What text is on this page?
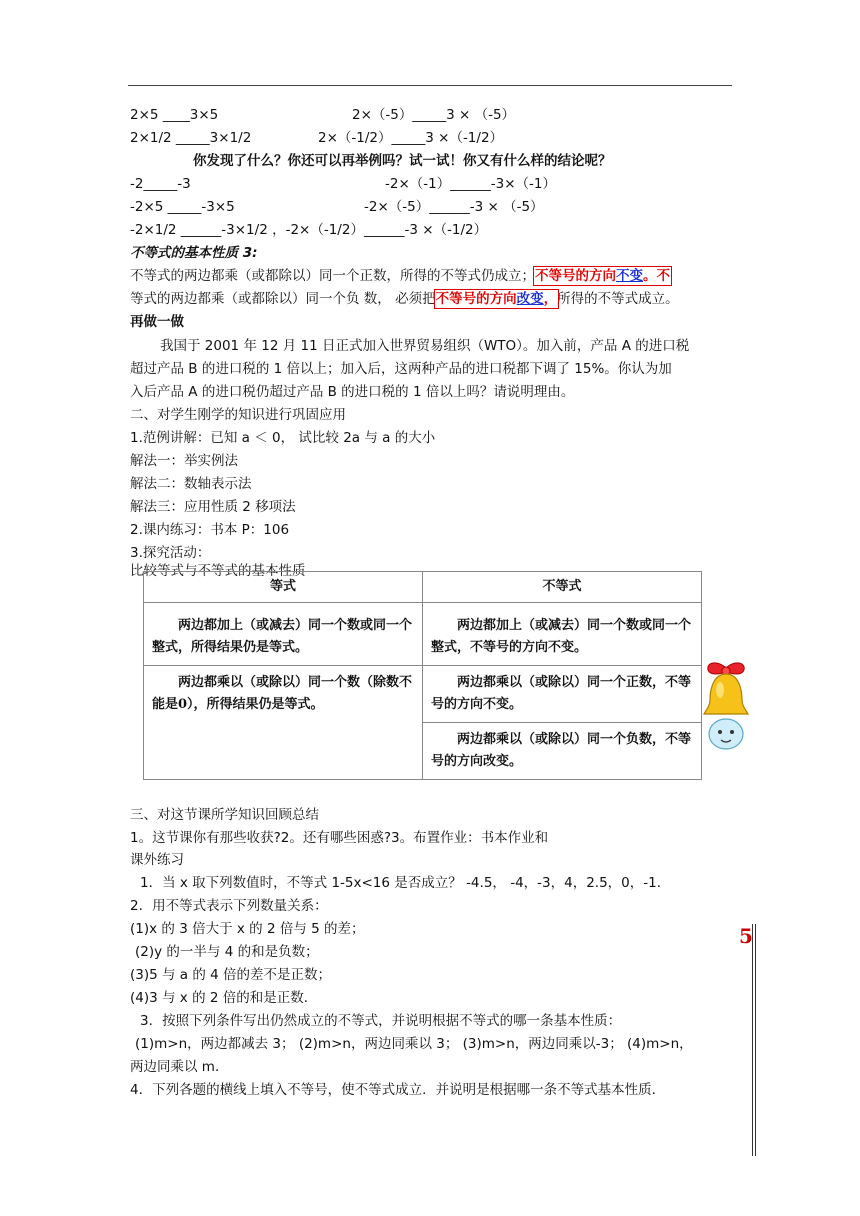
2×5 ____3×5	2×（-5）_____3 × （-5）
2×1/2 _____3×1/2	2×（-1/2）_____3 ×（-1/2）
你发现了什么？你还可以再举例吗？试一试！你又有什么样的结论呢？
-2_____-3	-2×（-1）______-3×（-1）
-2×5 _____-3×5	-2×（-5）______-3 × （-5）
-2×1/2 ______-3×1/2 ，-2×（-1/2）______-3 ×（-1/2）
不等式的基本性质 3:
不等式的两边都乘（或都除以）同一个正数，所得的不等式仍成立；不等号的方向不变。不
等式的两边都乘（或都除以）同一个负 数， 必须把不等号的方向改变，所得的不等式成立。
再做一做
我国于 2001 年 12 月 11 日正式加入世界贸易组织（WTO）。加入前，产品 A 的进口税
超过产品 B 的进口税的 1 倍以上；加入后，这两种产品的进口税都下调了 15%。你认为加
入后产品 A 的进口税仍超过产品 B 的进口税的 1 倍以上吗？请说明理由。
二、对学生刚学的知识进行巩固应用
1.范例讲解：已知 a ＜ 0， 试比较 2a 与 a 的大小
解法一：举实例法
解法二：数轴表示法
解法三：应用性质 2 移项法
2.课内练习：书本 P：106
3.探究活动：
比较等式与不等式的基本性质
等式	不等式
两边都加上（或减去）同一个数或同一个整式，所得结果仍是等式。	两边都加上（或减去）同一个数或同一个整式，不等号的方向不变。
两边都乘以（或除以）同一个数（除数不能是0），所得结果仍是等式。	两边都乘以（或除以）同一个正数，不等号的方向不变。
	两边都乘以（或除以）同一个负数，不等号的方向改变。
三、对这节课所学知识回顾总结
1。这节课你有那些收获?2。还有哪些困惑?3。布置作业：书本作业和
课外练习
1．当 x 取下列数值时，不等式 1-5x<16 是否成立？ -4.5， -4，-3，4，2.5，0，-1．
2．用不等式表示下列数量关系：
(1)x 的 3 倍大于 x 的 2 倍与 5 的差；
(2)y 的一半与 4 的和是负数；
(3)5 与 a 的 4 倍的差不是正数；
(4)3 与 x 的 2 倍的和是正数．
3．按照下列条件写出仍然成立的不等式，并说明根据不等式的哪一条基本性质：
(1)m>n，两边都减去 3； (2)m>n，两边同乘以 3； (3)m>n，两边同乘以-3； (4)m>n，
两边同乘以 m．
4．下列各题的横线上填入不等号，使不等式成立．并说明是根据哪一条不等式基本性质．
5
